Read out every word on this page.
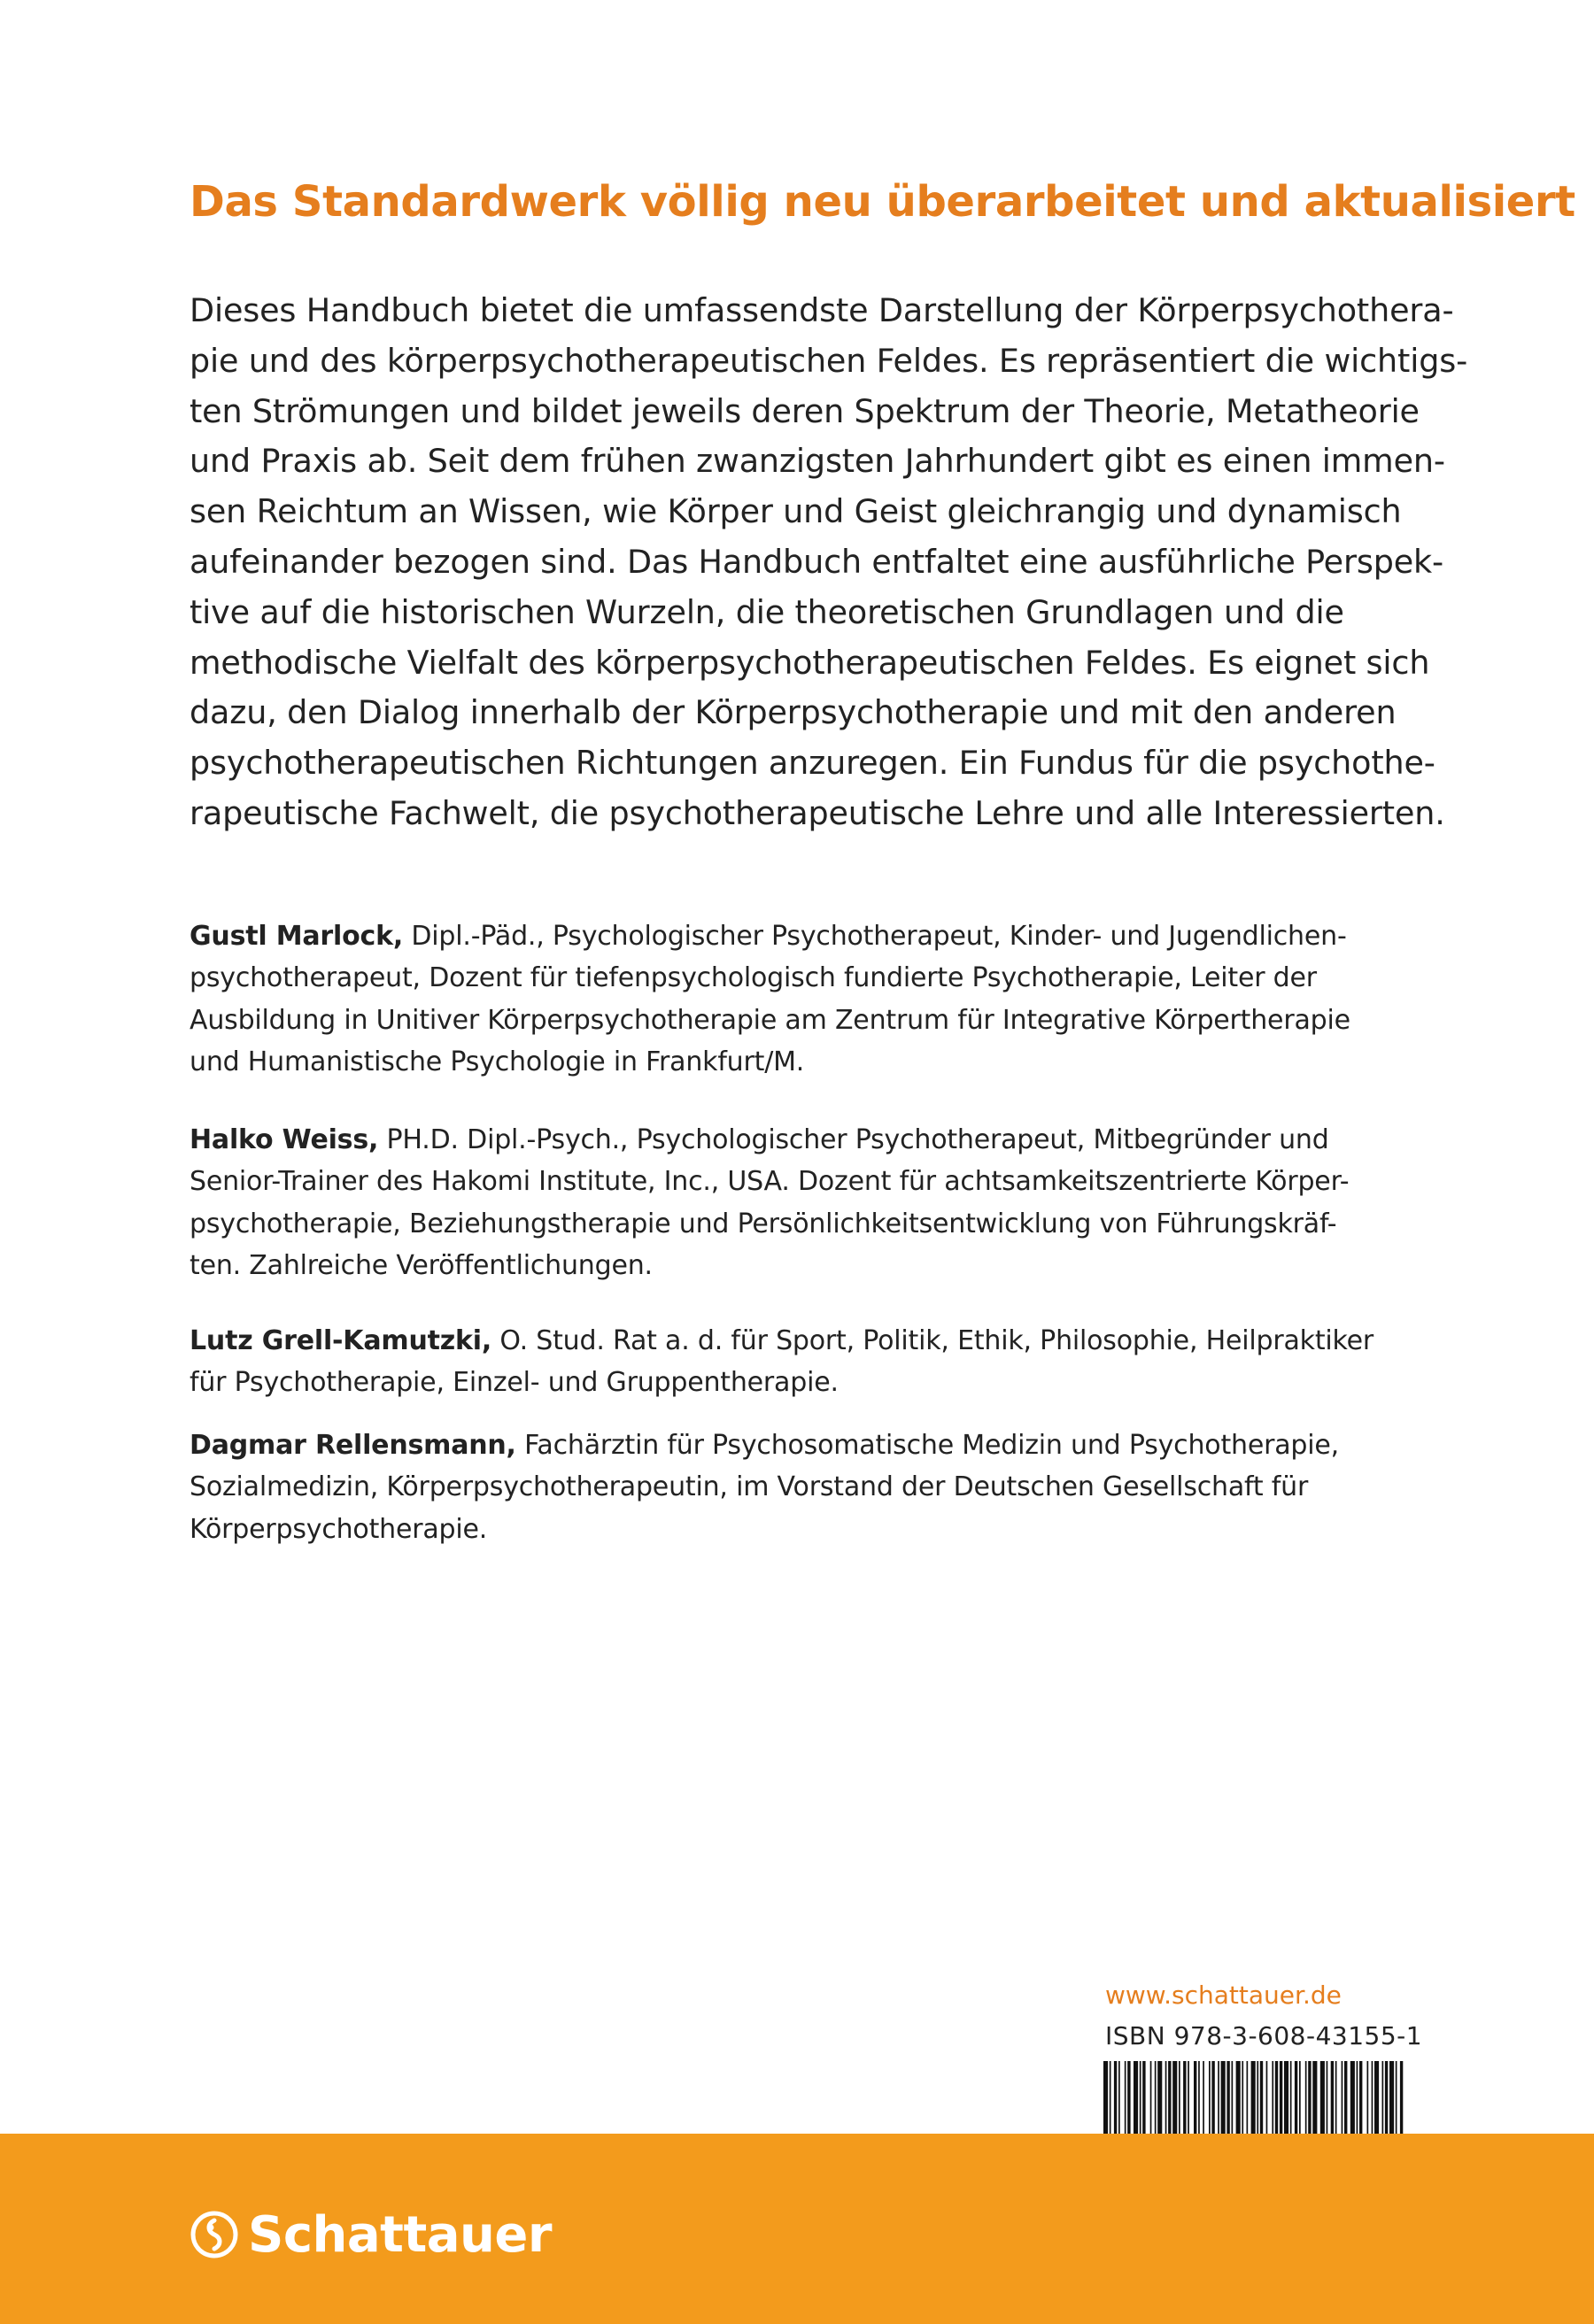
Das Standardwerk völlig neu überarbeitet und aktualisiert
Dieses Handbuch bietet die umfassendste Darstellung der Körperpsychothera-
pie und des körperpsychotherapeutischen Feldes. Es repräsentiert die wichtigs-
ten Strömungen und bildet jeweils deren Spektrum der Theorie, Metatheorie
und Praxis ab. Seit dem frühen zwanzigsten Jahrhundert gibt es einen immen-
sen Reichtum an Wissen, wie Körper und Geist gleichrangig und dynamisch
aufeinander bezogen sind. Das Handbuch entfaltet eine ausführliche Perspek-
tive auf die historischen Wurzeln, die theoretischen Grundlagen und die
methodische Vielfalt des körperpsychotherapeutischen Feldes. Es eignet sich
dazu, den Dialog innerhalb der Körperpsychotherapie und mit den anderen
psychotherapeutischen Richtungen anzuregen. Ein Fundus für die psychothe-
rapeutische Fachwelt, die psychotherapeutische Lehre und alle Interessierten.
Gustl Marlock, Dipl.-Päd., Psychologischer Psychotherapeut, Kinder- und Jugendlichen-
psychotherapeut, Dozent für tiefenpsychologisch fundierte Psychotherapie, Leiter der
Ausbildung in Unitiver Körperpsychotherapie am Zentrum für Integrative Körpertherapie
und Humanistische Psychologie in Frankfurt/M.
Halko Weiss, PH.D. Dipl.-Psych., Psychologischer Psychotherapeut, Mitbegründer und
Senior-Trainer des Hakomi Institute, Inc., USA. Dozent für achtsamkeitszentrierte Körper-
psychotherapie, Beziehungstherapie und Persönlichkeitsentwicklung von Führungskräf-
ten. Zahlreiche Veröffentlichungen.
Lutz Grell-Kamutzki, O. Stud. Rat a. d. für Sport, Politik, Ethik, Philosophie, Heilpraktiker
für Psychotherapie, Einzel- und Gruppentherapie.
Dagmar Rellensmann, Fachärztin für Psychosomatische Medizin und Psychotherapie,
Sozialmedizin, Körperpsychotherapeutin, im Vorstand der Deutschen Gesellschaft für
Körperpsychotherapie.
www.schattauer.de
ISBN 978-3-608-43155-1
Schattauer
